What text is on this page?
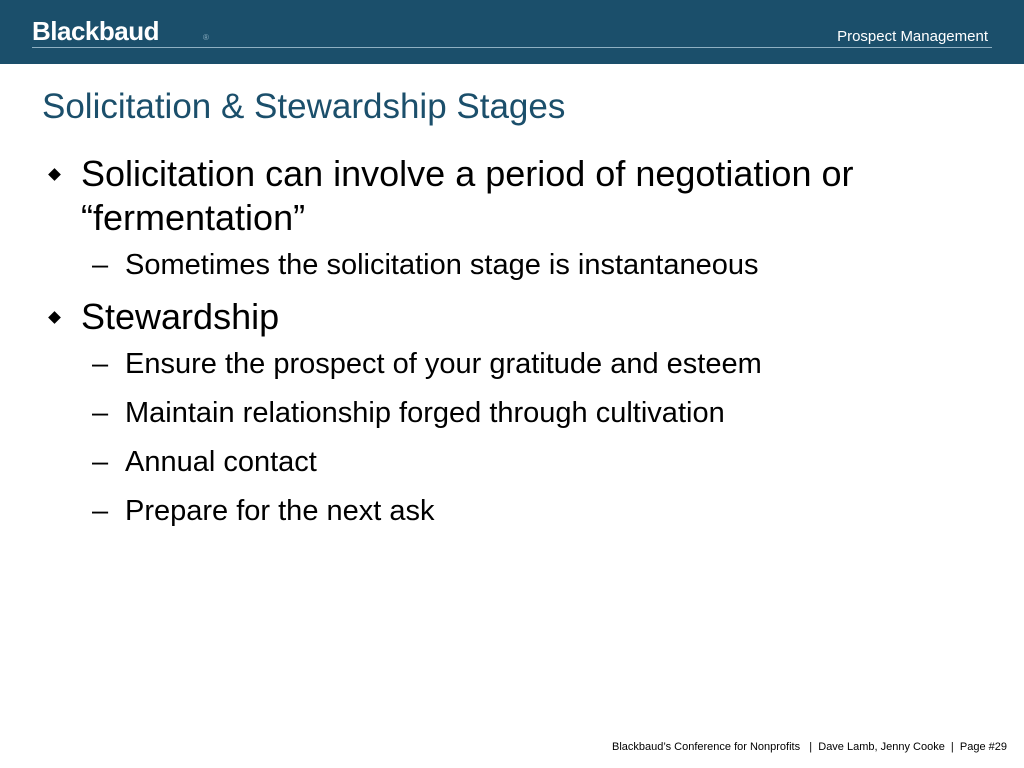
Blackbaud	®	Prospect Management
Solicitation & Stewardship Stages
Solicitation can involve a period of negotiation or “fermentation”
– Sometimes the solicitation stage is instantaneous
Stewardship
– Ensure the prospect of your gratitude and esteem
– Maintain relationship forged through cultivation
– Annual contact
– Prepare for the next ask
Blackbaud’s Conference for Nonprofits   |  Dave Lamb, Jenny Cooke  |  Page #29
